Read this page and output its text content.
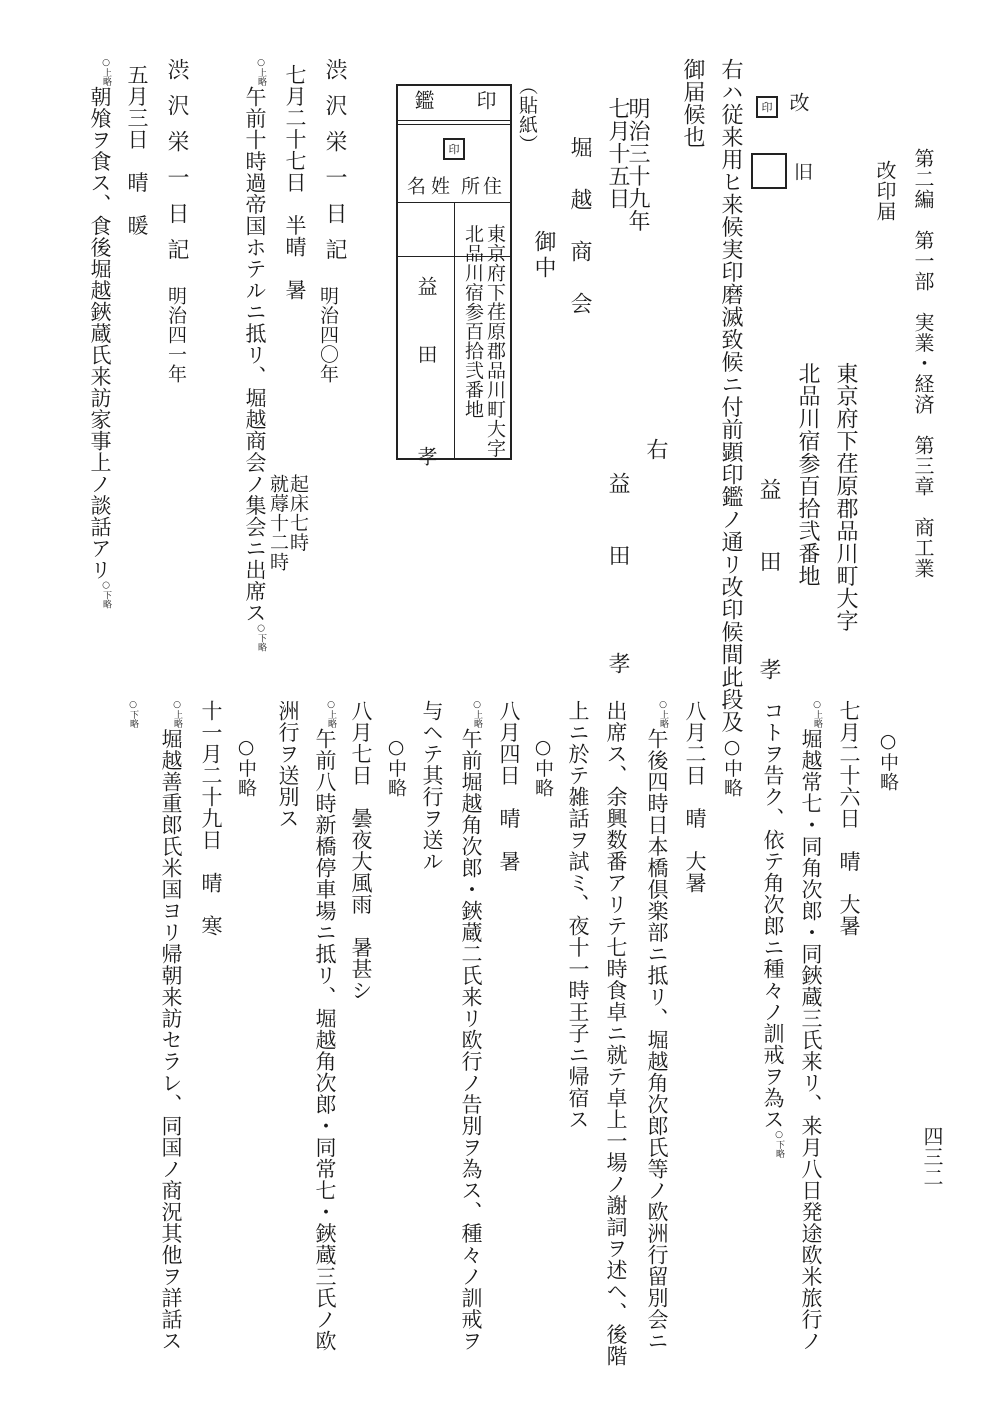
第二編　第一部　実業・経済　第三章　商工業
改印届
東京府下荏原郡品川町大字
北品川宿参百拾弐番地
益　田　　孝
改
印
旧
右ハ従来用ヒ来候実印磨滅致候ニ付前顕印鑑ノ通リ改印候間此段及
御届候也
右
明治三十九年
七月十五日
益　田　　孝
堀　越　商　会
御中
（貼紙）
印
鑑
印
住
所
姓
名
東京府下荏原郡品川町大字
北品川宿参百拾弐番地
益　田　　孝
渋沢栄一日記
明治四〇年
七月二十七日　半晴　暑
起床七時
就蓐十二時
○上略午前十時過帝国ホテルニ抵リ、堀越商会ノ集会ニ出席ス○下略
渋沢栄一日記
明治四一年
五月三日　晴　暖
○上略朝飧ヲ食ス、食後堀越鋏蔵氏来訪家事上ノ談話アリ○下略
四三二
○中略
七月二十六日　晴　大暑
○上略堀越常七・同角次郎・同鋏蔵三氏来リ、来月八日発途欧米旅行ノ
コトヲ告ク、依テ角次郎ニ種々ノ訓戒ヲ為ス○下略
○中略
八月二日　晴　大暑
○上略午後四時日本橋倶楽部ニ抵リ、堀越角次郎氏等ノ欧洲行留別会ニ
出席ス、余興数番アリテ七時食卓ニ就テ卓上一場ノ謝詞ヲ述ヘ、後階
上ニ於テ雑話ヲ試ミ、夜十一時王子ニ帰宿ス
○中略
八月四日　晴　暑
○上略午前堀越角次郎・鋏蔵二氏来リ欧行ノ告別ヲ為ス、種々ノ訓戒ヲ
与ヘテ其行ヲ送ル
○中略
八月七日　曇夜大風雨　暑甚シ
○上略午前八時新橋停車場ニ抵リ、堀越角次郎・同常七・鋏蔵三氏ノ欧
洲行ヲ送別ス
○中略
十一月二十九日　晴　寒
○上略堀越善重郎氏米国ヨリ帰朝来訪セラレ、同国ノ商況其他ヲ詳話ス
○下略
